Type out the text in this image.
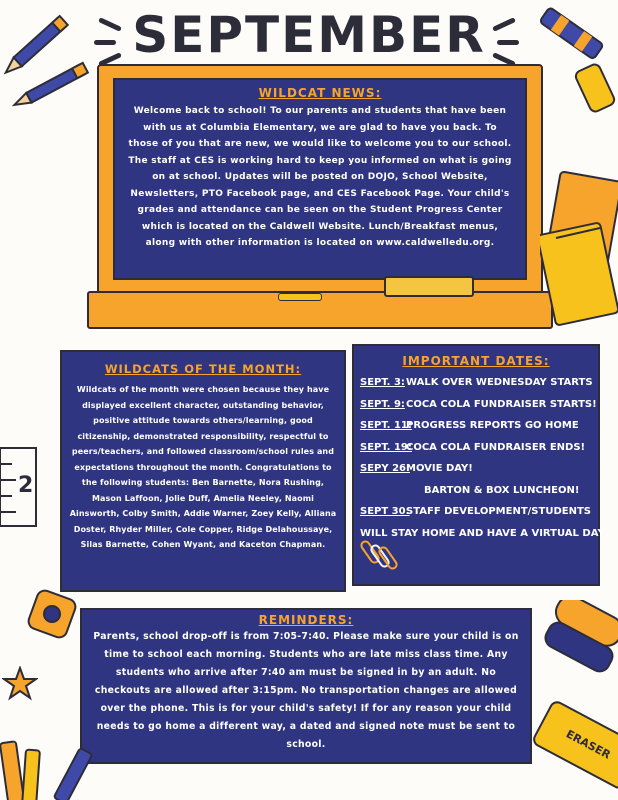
SEPTEMBER
WILDCAT NEWS:
Welcome back to school! To our parents and students that have been with us at Columbia Elementary, we are glad to have you back. To those of you that are new, we would like to welcome you to our school. The staff at CES is working hard to keep you informed on what is going on at school. Updates will be posted on DOJO, School Website, Newsletters, PTO Facebook page, and CES Facebook Page. Your child's grades and attendance can be seen on the Student Progress Center which is located on the Caldwell Website. Lunch/Breakfast menus, along with other information is located on www.caldwelledu.org.
WILDCATS OF THE MONTH:
Wildcats of the month were chosen because they have displayed excellent character, outstanding behavior, positive attitude towards others/learning, good citizenship, demonstrated responsibility, respectful to peers/teachers, and followed classroom/school rules and expectations throughout the month. Congratulations to the following students: Ben Barnette, Nora Rushing, Mason Laffoon, Jolie Duff, Amelia Neeley, Naomi Ainsworth, Colby Smith, Addie Warner, Zoey Kelly, Alliana Doster, Rhyder Miller, Cole Copper, Ridge Delahoussaye, Silas Barnette, Cohen Wyant, and Kaceton Chapman.
IMPORTANT DATES:
SEPT. 3:WALK OVER WEDNESDAY STARTS
SEPT. 9:COCA COLA FUNDRAISER STARTS!
SEPT. 11:PROGRESS REPORTS GO HOME
SEPT. 19:COCA COLA FUNDRAISER ENDS!
SEPY 26:MOVIE DAY!
BARTON & BOX LUNCHEON!
SEPT 30:STAFF DEVELOPMENT/STUDENTS
WILL STAY HOME AND HAVE A VIRTUAL DAY
REMINDERS:
Parents, school drop-off is from 7:05-7:40. Please make sure your child is on time to school each morning. Students who are late miss class time. Any students who arrive after 7:40 am must be signed in by an adult. No checkouts are allowed after 3:15pm. No transportation changes are allowed over the phone. This is for your child's safety! If for any reason your child needs to go home a different way, a dated and signed note must be sent to school.
2
ERASER
